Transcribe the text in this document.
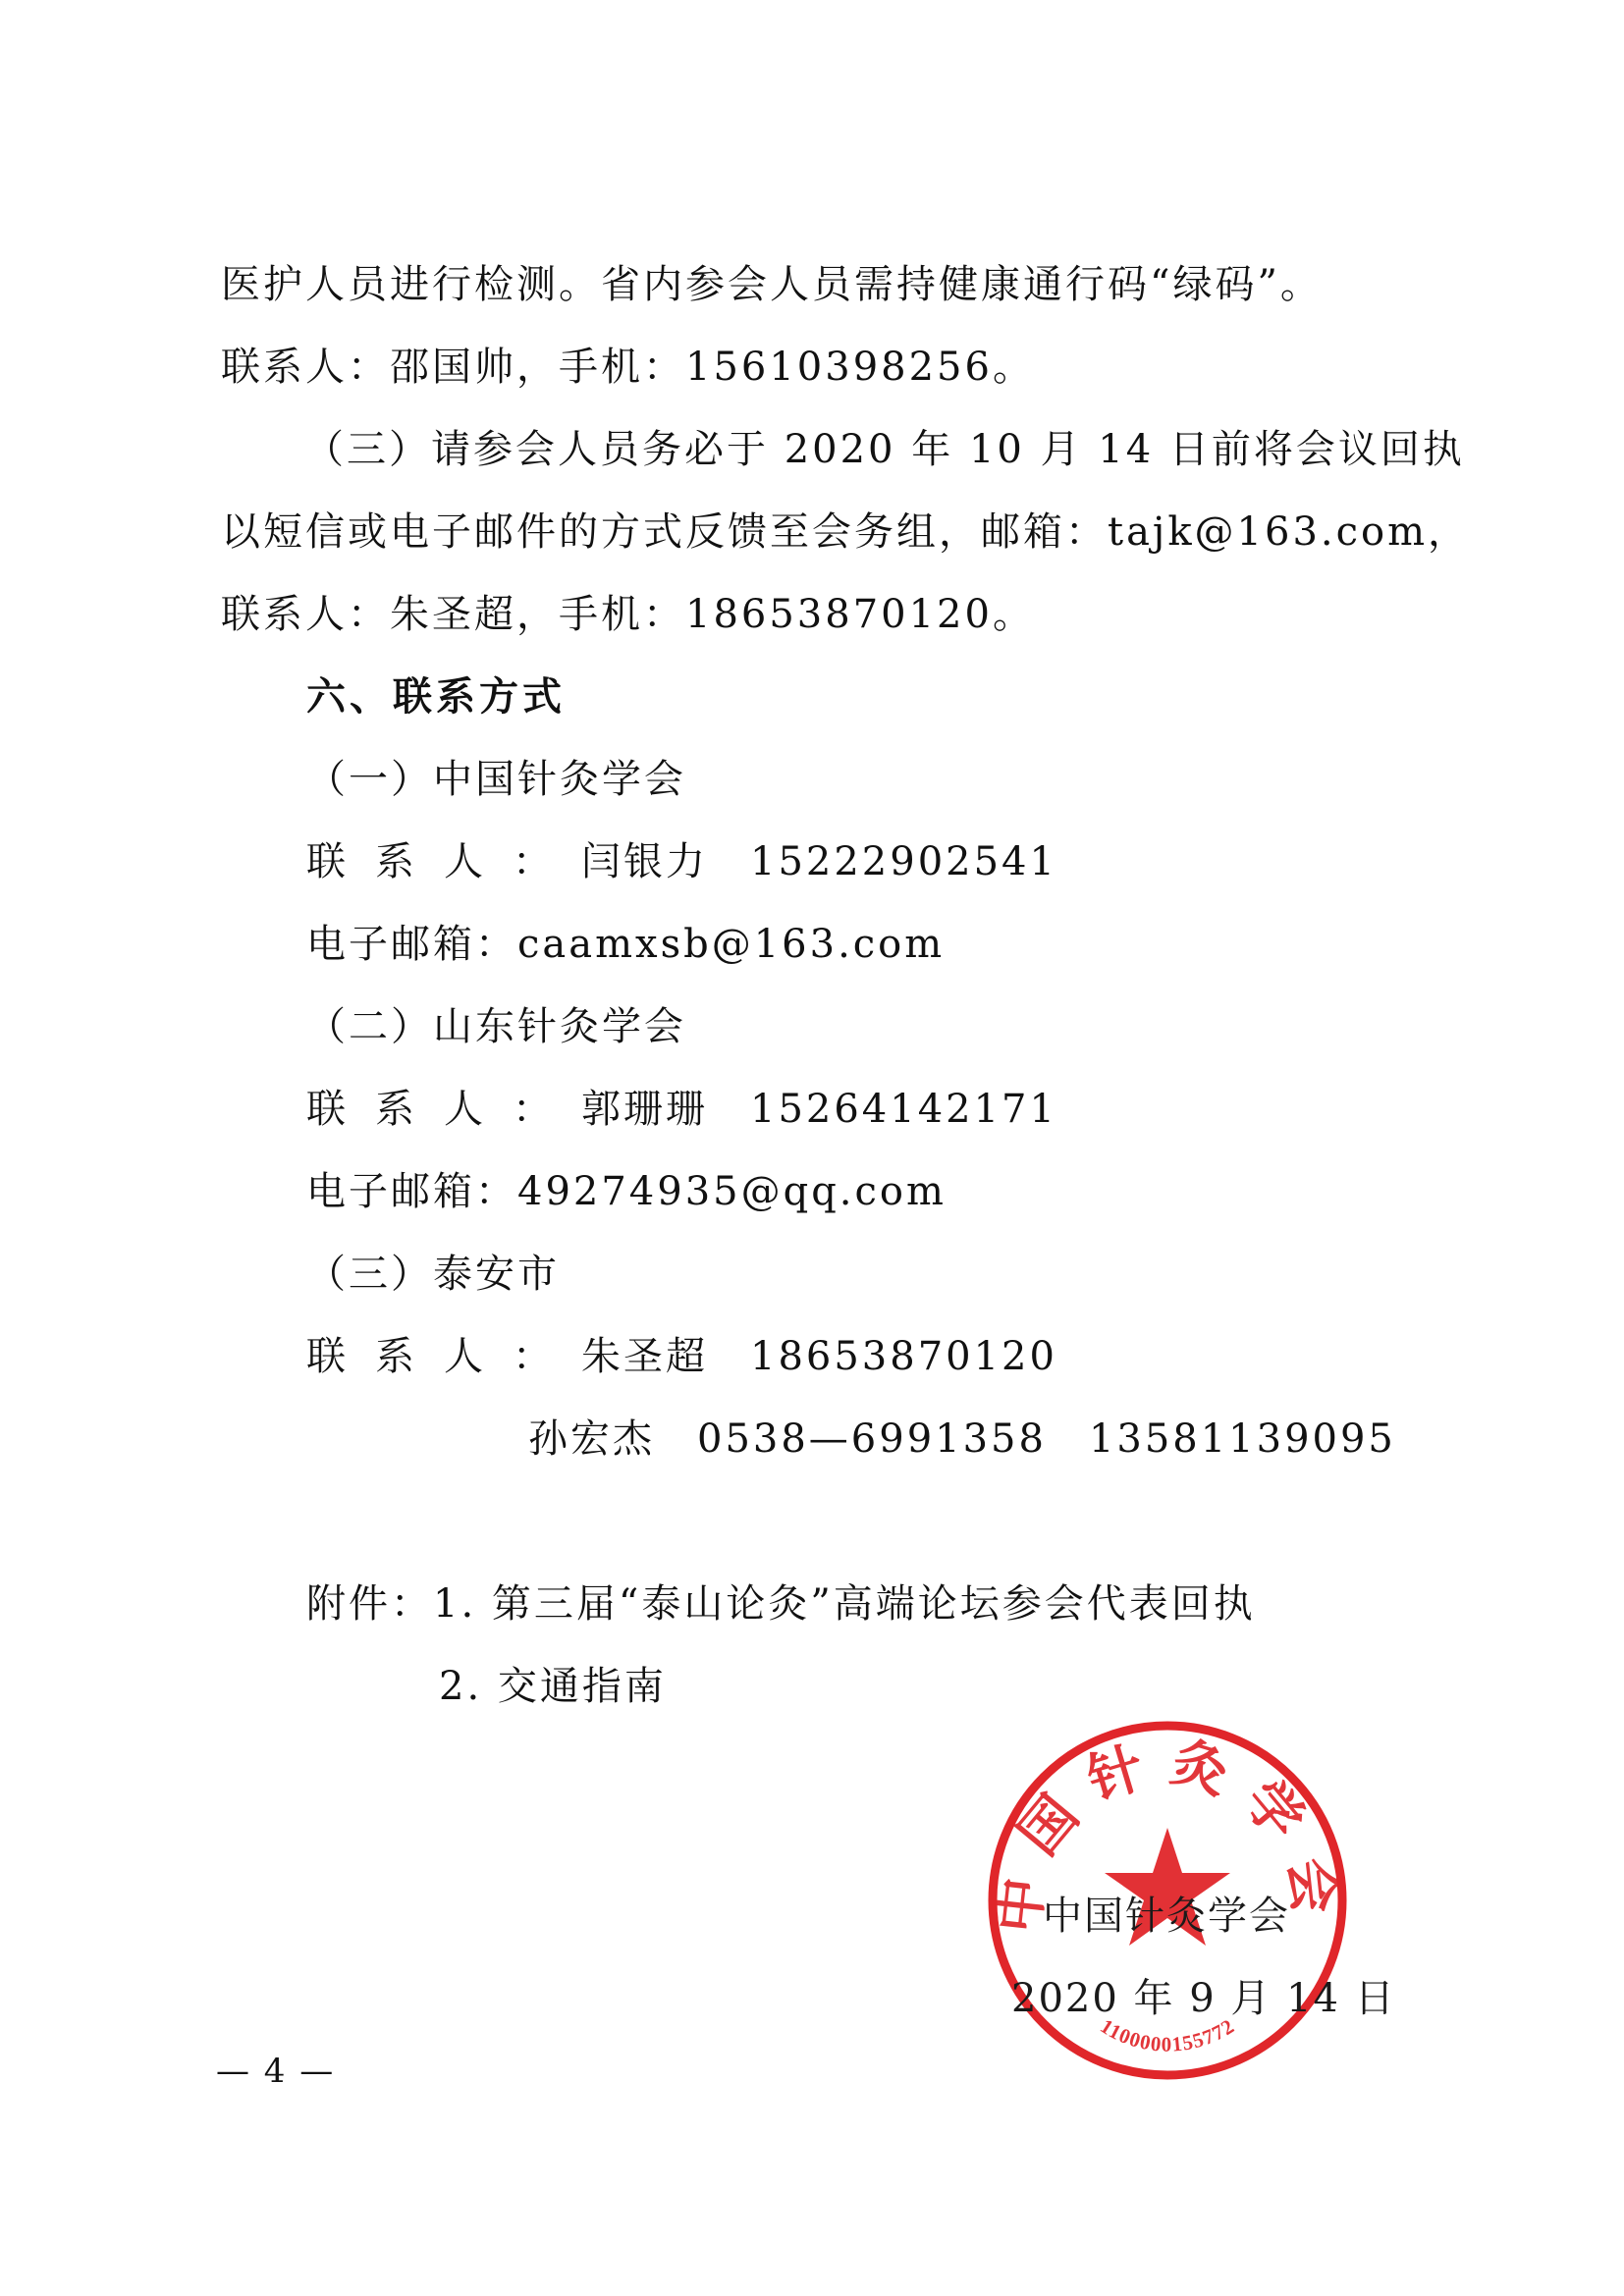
医护人员进行检测。省内参会人员需持健康通行码“绿码”。
联系人：邵国帅，手机：15610398256。
（三）请参会人员务必于 2020 年 10 月 14 日前将会议回执
以短信或电子邮件的方式反馈至会务组，邮箱：tajk@163.com，
联系人：朱圣超，手机：18653870120。
六、联系方式
（一）中国针灸学会
联系人：闫银力　15222902541
电子邮箱：caamxsb@163.com
（二）山东针灸学会
联系人：郭珊珊　15264142171
电子邮箱：49274935@qq.com
（三）泰安市
联系人：朱圣超　18653870120
孙宏杰　0538—6991358　13581139095
附件：1. 第三届“泰山论灸”高端论坛参会代表回执
2. 交通指南
中国针灸学会
1100000155772
中国针灸学会
2020 年 9 月 14 日
— 4 —
